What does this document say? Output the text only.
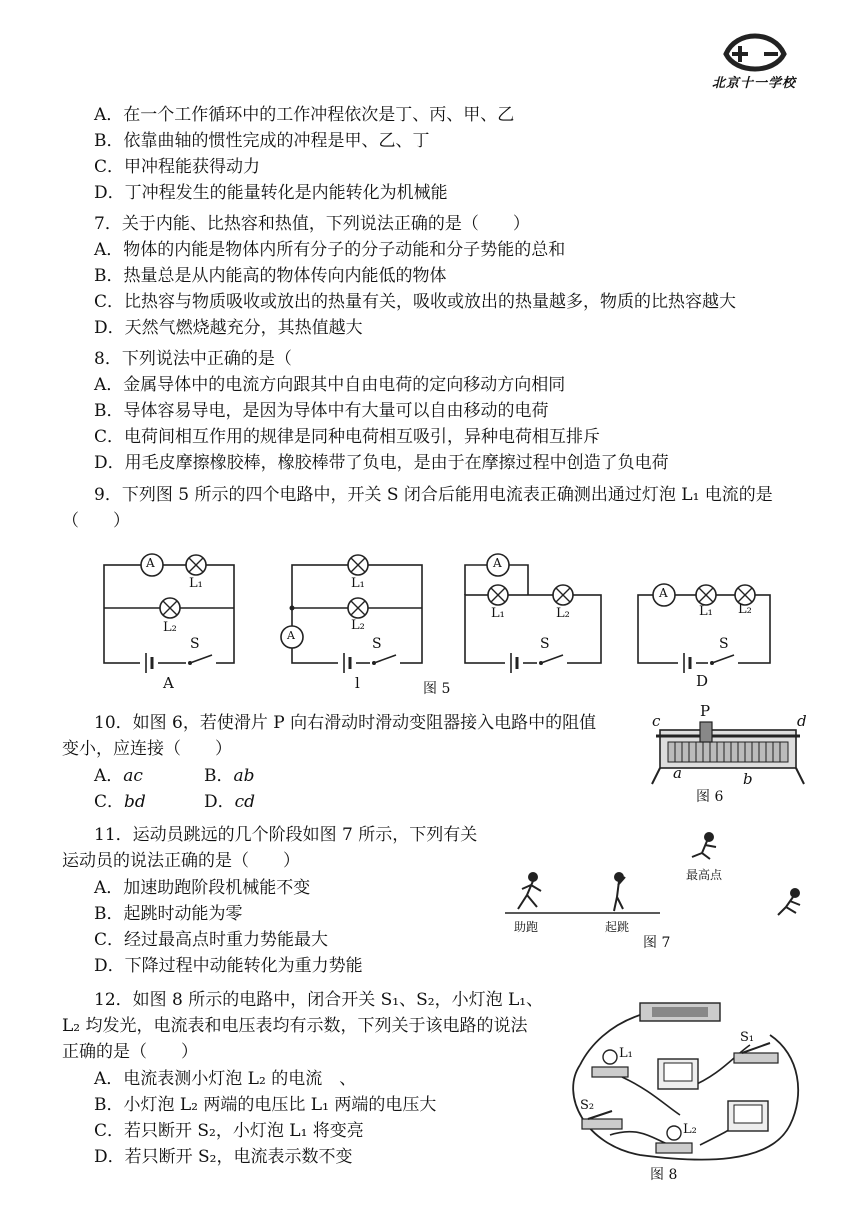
北京十一学校
A．在一个工作循环中的工作冲程依次是丁、丙、甲、乙
B．依靠曲轴的惯性完成的冲程是甲、乙、丁
C．甲冲程能获得动力
D．丁冲程发生的能量转化是内能转化为机械能
7．关于内能、比热容和热值，下列说法正确的是（　　）
A．物体的内能是物体内所有分子的分子动能和分子势能的总和
B．热量总是从内能高的物体传向内能低的物体
C．比热容与物质吸收或放出的热量有关，吸收或放出的热量越多，物质的比热容越大
D．天然气燃烧越充分，其热值越大
8．下列说法中正确的是（
A．金属导体中的电流方向跟其中自由电荷的定向移动方向相同
B．导体容易导电，是因为导体中有大量可以自由移动的电荷
C．电荷间相互作用的规律是同种电荷相互吸引，异种电荷相互排斥
D．用毛皮摩擦橡胶棒，橡胶棒带了负电，是由于在摩擦过程中创造了负电荷
9．下列图 5 所示的四个电路中，开关 S 闭合后能用电流表正确测出通过灯泡 L₁ 电流的是
（　　）
A
L₁
L₂
S
L₁
L₂
A
S
A
L₁	L₂
S
A
L₁ L₂
S
A	l	图 5	D
10．如图 6，若使滑片 P 向右滑动时滑动变阻器接入电路中的阻值
变小，应连接（　　）
A．ac	B．ab
C．bd	D．cd
P
c	d
a	b
图 6
11．运动员跳远的几个阶段如图 7 所示，下列有关
运动员的说法正确的是（　　）
A．加速助跑阶段机械能不变
B．起跳时动能为零
C．经过最高点时重力势能最大
D．下降过程中动能转化为重力势能
最高点
助跑	起跳
图 7
12．如图 8 所示的电路中，闭合开关 S₁、S₂，小灯泡 L₁、
L₂ 均发光，电流表和电压表均有示数，下列关于该电路的说法
正确的是（　　）
A．电流表测小灯泡 L₂ 的电流　、
B．小灯泡 L₂ 两端的电压比 L₁ 两端的电压大
C．若只断开 S₂，小灯泡 L₁ 将变亮
D．若只断开 S₂，电流表示数不变
L₁
S₁
S₂
L₂
图 8
